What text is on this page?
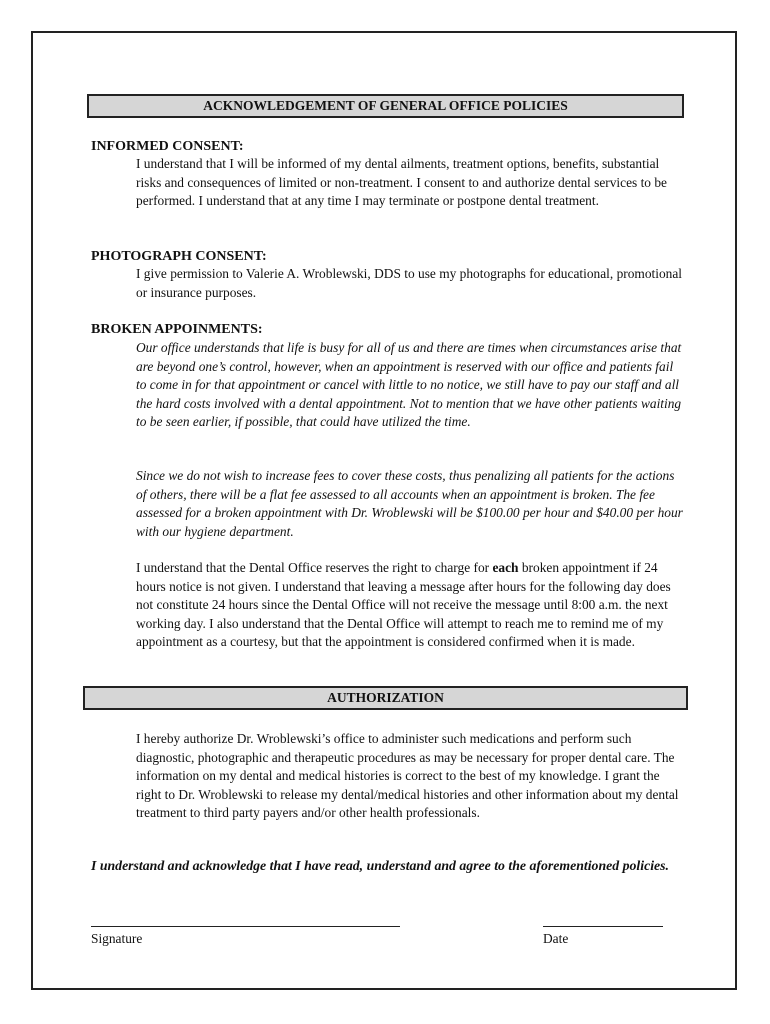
ACKNOWLEDGEMENT OF GENERAL OFFICE POLICIES

INFORMED CONSENT:

I understand that I will be informed of my dental ailments, treatment options, benefits, substantial risks and consequences of limited or non-treatment. I consent to and authorize dental services to be performed. I understand that at any time I may terminate or postpone dental treatment.

PHOTOGRAPH CONSENT:

I give permission to Valerie A. Wroblewski, DDS to use my photographs for educational, promotional or insurance purposes.

BROKEN APPOINMENTS:

Our office understands that life is busy for all of us and there are times when circumstances arise that are beyond one’s control, however, when an appointment is reserved with our office and patients fail to come in for that appointment or cancel with little to no notice, we still have to pay our staff and all the hard costs involved with a dental appointment. Not to mention that we have other patients waiting to be seen earlier, if possible, that could have utilized the time.

Since we do not wish to increase fees to cover these costs, thus penalizing all patients for the actions of others, there will be a flat fee assessed to all accounts when an appointment is broken. The fee assessed for a broken appointment with Dr. Wroblewski will be $100.00 per hour and $40.00 per hour with our hygiene department.

I understand that the Dental Office reserves the right to charge for each broken appointment if 24 hours notice is not given. I understand that leaving a message after hours for the following day does not constitute 24 hours since the Dental Office will not receive the message until 8:00 a.m. the next working day. I also understand that the Dental Office will attempt to reach me to remind me of my appointment as a courtesy, but that the appointment is considered confirmed when it is made.

AUTHORIZATION

I hereby authorize Dr. Wroblewski’s office to administer such medications and perform such diagnostic, photographic and therapeutic procedures as may be necessary for proper dental care. The information on my dental and medical histories is correct to the best of my knowledge. I grant the right to Dr. Wroblewski to release my dental/medical histories and other information about my dental treatment to third party payers and/or other health professionals.

I understand and acknowledge that I have read, understand and agree to the aforementioned policies.

Signature	Date
